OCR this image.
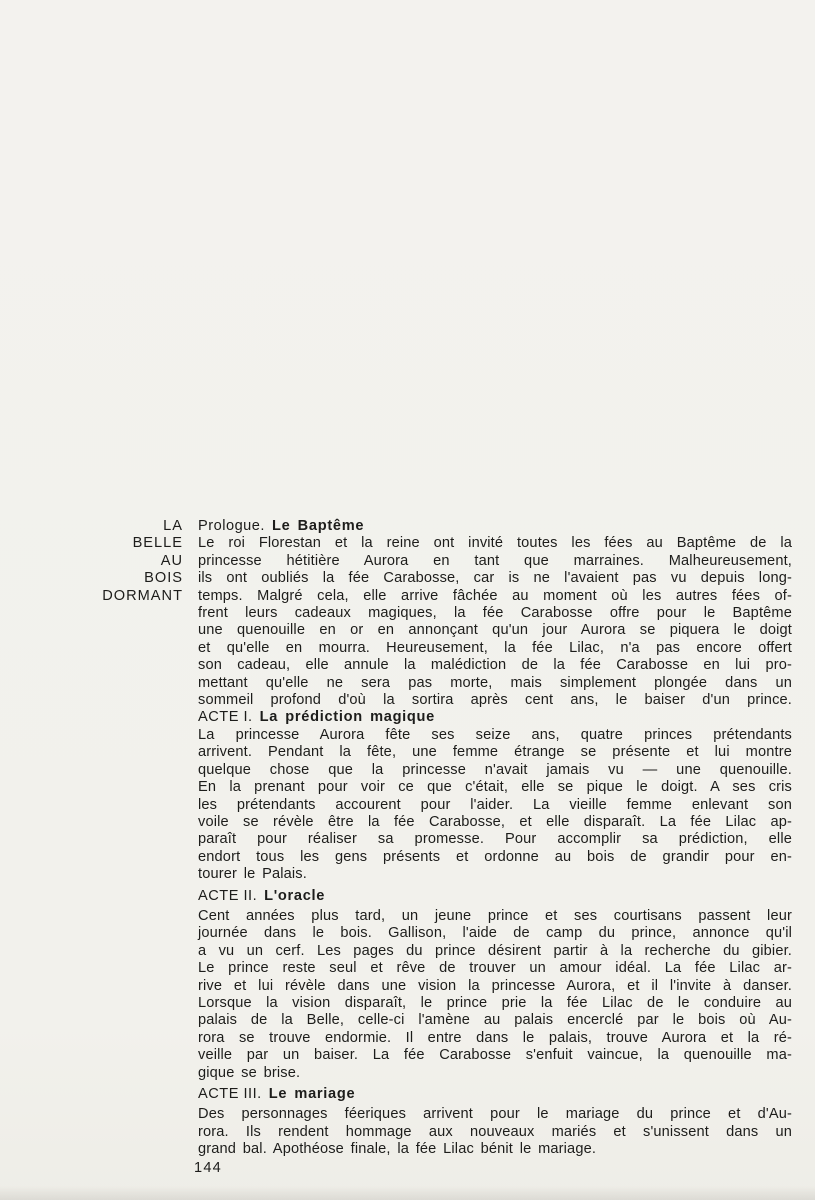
LA
BELLE
AU
BOIS
DORMANT
Prologue. Le Baptême
Le roi Florestan et la reine ont invité toutes les fées au Baptême de la
princesse hétitière Aurora en tant que marraines. Malheureusement,
ils ont oubliés la fée Carabosse, car is ne l'avaient pas vu depuis long-
temps. Malgré cela, elle arrive fâchée au moment où les autres fées of-
frent leurs cadeaux magiques, la fée Carabosse offre pour le Baptême
une quenouille en or en annonçant qu'un jour Aurora se piquera le doigt
et qu'elle en mourra. Heureusement, la fée Lilac, n'a pas encore offert
son cadeau, elle annule la malédiction de la fée Carabosse en lui pro-
mettant qu'elle ne sera pas morte, mais simplement plongée dans un
sommeil profond d'où la sortira après cent ans, le baiser d'un prince.
ACTE I. La prédiction magique
La princesse Aurora fête ses seize ans, quatre princes prétendants
arrivent. Pendant la fête, une femme étrange se présente et lui montre
quelque chose que la princesse n'avait jamais vu — une quenouille.
En la prenant pour voir ce que c'était, elle se pique le doigt. A ses cris
les prétendants accourent pour l'aider. La vieille femme enlevant son
voile se révèle être la fée Carabosse, et elle disparaît. La fée Lilac ap-
paraît pour réaliser sa promesse. Pour accomplir sa prédiction, elle
endort tous les gens présents et ordonne au bois de grandir pour en-
tourer le Palais.
ACTE II. L'oracle
Cent années plus tard, un jeune prince et ses courtisans passent leur
journée dans le bois. Gallison, l'aide de camp du prince, annonce qu'il
a vu un cerf. Les pages du prince désirent partir à la recherche du gibier.
Le prince reste seul et rêve de trouver un amour idéal. La fée Lilac ar-
rive et lui révèle dans une vision la princesse Aurora, et il l'invite à danser.
Lorsque la vision disparaît, le prince prie la fée Lilac de le conduire au
palais de la Belle, celle-ci l'amène au palais encerclé par le bois où Au-
rora se trouve endormie. Il entre dans le palais, trouve Aurora et la ré-
veille par un baiser. La fée Carabosse s'enfuit vaincue, la quenouille ma-
gique se brise.
ACTE III. Le mariage
Des personnages féeriques arrivent pour le mariage du prince et d'Au-
rora. Ils rendent hommage aux nouveaux mariés et s'unissent dans un
grand bal. Apothéose finale, la fée Lilac bénit le mariage.
144
